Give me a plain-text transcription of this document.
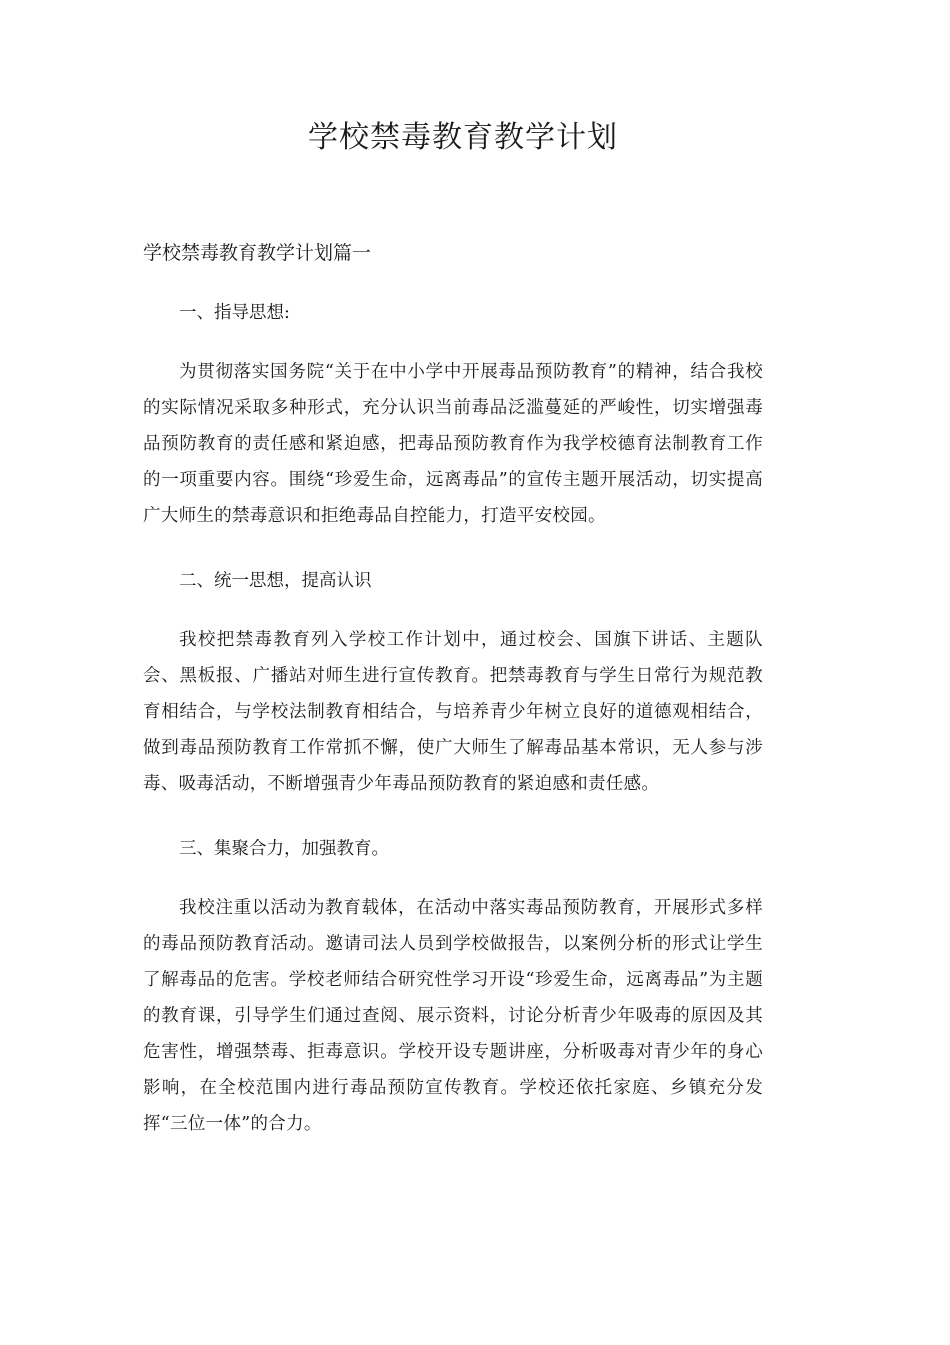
学校禁毒教育教学计划

学校禁毒教育教学计划篇一

一、指导思想:

为贯彻落实国务院“关于在中小学中开展毒品预防教育”的精神，结合我校的实际情况采取多种形式，充分认识当前毒品泛滥蔓延的严峻性，切实增强毒品预防教育的责任感和紧迫感，把毒品预防教育作为我学校德育法制教育工作的一项重要内容。围绕“珍爱生命，远离毒品”的宣传主题开展活动，切实提高广大师生的禁毒意识和拒绝毒品自控能力，打造平安校园。

二、统一思想，提高认识

我校把禁毒教育列入学校工作计划中，通过校会、国旗下讲话、主题队会、黑板报、广播站对师生进行宣传教育。把禁毒教育与学生日常行为规范教育相结合，与学校法制教育相结合，与培养青少年树立良好的道德观相结合，做到毒品预防教育工作常抓不懈，使广大师生了解毒品基本常识，无人参与涉毒、吸毒活动，不断增强青少年毒品预防教育的紧迫感和责任感。

三、集聚合力，加强教育。

我校注重以活动为教育载体，在活动中落实毒品预防教育，开展形式多样的毒品预防教育活动。邀请司法人员到学校做报告，以案例分析的形式让学生了解毒品的危害。学校老师结合研究性学习开设“珍爱生命，远离毒品”为主题的教育课，引导学生们通过查阅、展示资料，讨论分析青少年吸毒的原因及其危害性，增强禁毒、拒毒意识。学校开设专题讲座，分析吸毒对青少年的身心影响，在全校范围内进行毒品预防宣传教育。学校还依托家庭、乡镇充分发挥“三位一体”的合力。
